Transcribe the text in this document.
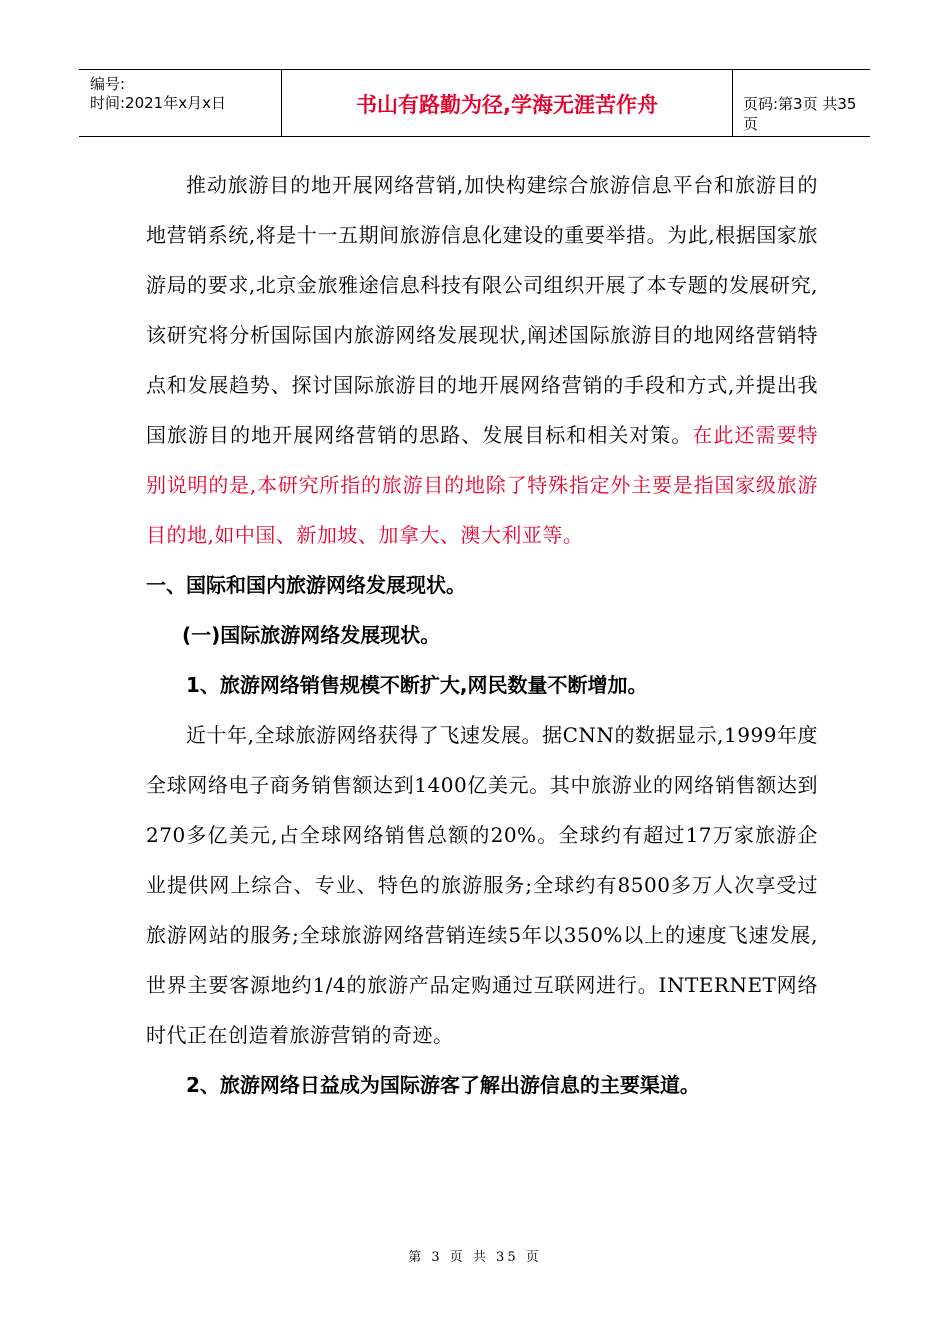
编号:
时间:2021年x月x日	书山有路勤为径,学海无涯苦作舟	页码:第3页 共35页

推动旅游目的地开展网络营销,加快构建综合旅游信息平台和旅游目的地营销系统,将是十一五期间旅游信息化建设的重要举措。为此,根据国家旅游局的要求,北京金旅雅途信息科技有限公司组织开展了本专题的发展研究,该研究将分析国际国内旅游网络发展现状,阐述国际旅游目的地网络营销特点和发展趋势、探讨国际旅游目的地开展网络营销的手段和方式,并提出我国旅游目的地开展网络营销的思路、发展目标和相关对策。在此还需要特别说明的是,本研究所指的旅游目的地除了特殊指定外主要是指国家级旅游目的地,如中国、新加坡、加拿大、澳大利亚等。

一、国际和国内旅游网络发展现状。

(一)国际旅游网络发展现状。

1、旅游网络销售规模不断扩大,网民数量不断增加。

近十年,全球旅游网络获得了飞速发展。据CNN的数据显示,1999年度全球网络电子商务销售额达到1400亿美元。其中旅游业的网络销售额达到270多亿美元,占全球网络销售总额的20%。全球约有超过17万家旅游企业提供网上综合、专业、特色的旅游服务;全球约有8500多万人次享受过旅游网站的服务;全球旅游网络营销连续5年以350%以上的速度飞速发展,世界主要客源地约1/4的旅游产品定购通过互联网进行。INTERNET网络时代正在创造着旅游营销的奇迹。

2、旅游网络日益成为国际游客了解出游信息的主要渠道。

第 3 页 共 35 页
